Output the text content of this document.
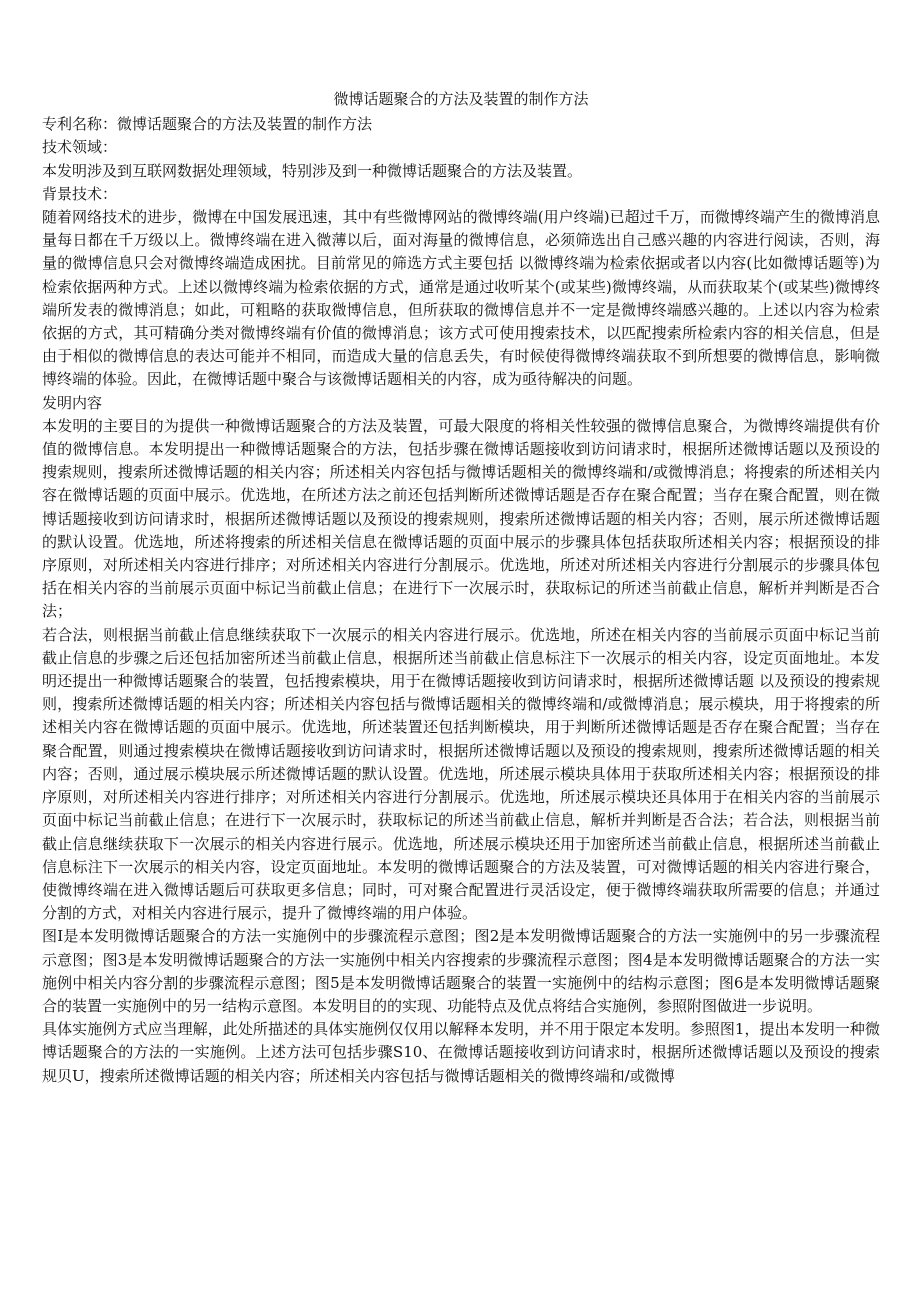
微博话题聚合的方法及装置的制作方法

专利名称：微博话题聚合的方法及装置的制作方法

技术领域：

本发明涉及到互联网数据处理领域，特别涉及到一种微博话题聚合的方法及装置。

背景技术：

随着网络技术的进步，微博在中国发展迅速，其中有些微博网站的微博终端(用户终端)已超过千万，而微博终端产生的微博消息量每日都在千万级以上。微博终端在进入微薄以后，面对海量的微博信息，必须筛选出自己感兴趣的内容进行阅读，否则，海量的微博信息只会对微博终端造成困扰。目前常见的筛选方式主要包括 以微博终端为检索依据或者以内容(比如微博话题等)为检索依据两种方式。上述以微博终端为检索依据的方式，通常是通过收听某个(或某些)微博终端，从而获取某个(或某些)微博终端所发表的微博消息；如此，可粗略的获取微博信息，但所获取的微博信息并不一定是微博终端感兴趣的。上述以内容为检索依据的方式，其可精确分类对微博终端有价值的微博消息；该方式可使用搜索技术，以匹配搜索所检索内容的相关信息，但是由于相似的微博信息的表达可能并不相同，而造成大量的信息丢失，有时候使得微博终端获取不到所想要的微博信息，影响微博终端的体验。因此，在微博话题中聚合与该微博话题相关的内容，成为亟待解决的问题。

发明内容

本发明的主要目的为提供一种微博话题聚合的方法及装置，可最大限度的将相关性较强的微博信息聚合，为微博终端提供有价值的微博信息。本发明提出一种微博话题聚合的方法，包括步骤在微博话题接收到访问请求时，根据所述微博话题以及预设的搜索规则，搜索所述微博话题的相关内容；所述相关内容包括与微博话题相关的微博终端和/或微博消息；将搜索的所述相关内容在微博话题的页面中展示。优选地，在所述方法之前还包括判断所述微博话题是否存在聚合配置；当存在聚合配置，则在微博话题接收到访问请求时，根据所述微博话题以及预设的搜索规则，搜索所述微博话题的相关内容；否则，展示所述微博话题的默认设置。优选地，所述将搜索的所述相关信息在微博话题的页面中展示的步骤具体包括获取所述相关内容；根据预设的排序原则，对所述相关内容进行排序；对所述相关内容进行分割展示。优选地，所述对所述相关内容进行分割展示的步骤具体包括在相关内容的当前展示页面中标记当前截止信息；在进行下一次展示时，获取标记的所述当前截止信息，解析并判断是否合法；

若合法，则根据当前截止信息继续获取下一次展示的相关内容进行展示。优选地，所述在相关内容的当前展示页面中标记当前截止信息的步骤之后还包括加密所述当前截止信息，根据所述当前截止信息标注下一次展示的相关内容，设定页面地址。本发明还提出一种微博话题聚合的装置，包括搜索模块，用于在微博话题接收到访问请求时，根据所述微博话题 以及预设的搜索规则，搜索所述微博话题的相关内容；所述相关内容包括与微博话题相关的微博终端和/或微博消息；展示模块，用于将搜索的所述相关内容在微博话题的页面中展示。优选地，所述装置还包括判断模块，用于判断所述微博话题是否存在聚合配置；当存在聚合配置，则通过搜索模块在微博话题接收到访问请求时，根据所述微博话题以及预设的搜索规则，搜索所述微博话题的相关内容；否则，通过展示模块展示所述微博话题的默认设置。优选地，所述展示模块具体用于获取所述相关内容；根据预设的排序原则，对所述相关内容进行排序；对所述相关内容进行分割展示。优选地，所述展示模块还具体用于在相关内容的当前展示页面中标记当前截止信息；在进行下一次展示时，获取标记的所述当前截止信息，解析并判断是否合法；若合法，则根据当前截止信息继续获取下一次展示的相关内容进行展示。优选地，所述展示模块还用于加密所述当前截止信息，根据所述当前截止信息标注下一次展示的相关内容，设定页面地址。本发明的微博话题聚合的方法及装置，可对微博话题的相关内容进行聚合，使微博终端在进入微博话题后可获取更多信息；同时，可对聚合配置进行灵活设定，便于微博终端获取所需要的信息；并通过分割的方式，对相关内容进行展示，提升了微博终端的用户体验。

图I是本发明微博话题聚合的方法一实施例中的步骤流程示意图；图2是本发明微博话题聚合的方法一实施例中的另一步骤流程示意图；图3是本发明微博话题聚合的方法一实施例中相关内容搜索的步骤流程示意图；图4是本发明微博话题聚合的方法一实施例中相关内容分割的步骤流程示意图；图5是本发明微博话题聚合的装置一实施例中的结构示意图；图6是本发明微博话题聚合的装置一实施例中的另一结构示意图。本发明目的的实现、功能特点及优点将结合实施例，参照附图做进一步说明。

具体实施例方式应当理解，此处所描述的具体实施例仅仅用以解释本发明，并不用于限定本发明。参照图1，提出本发明一种微博话题聚合的方法的一实施例。上述方法可包括步骤S10、在微博话题接收到访问请求时，根据所述微博话题以及预设的搜索规贝U，搜索所述微博话题的相关内容；所述相关内容包括与微博话题相关的微博终端和/或微博
